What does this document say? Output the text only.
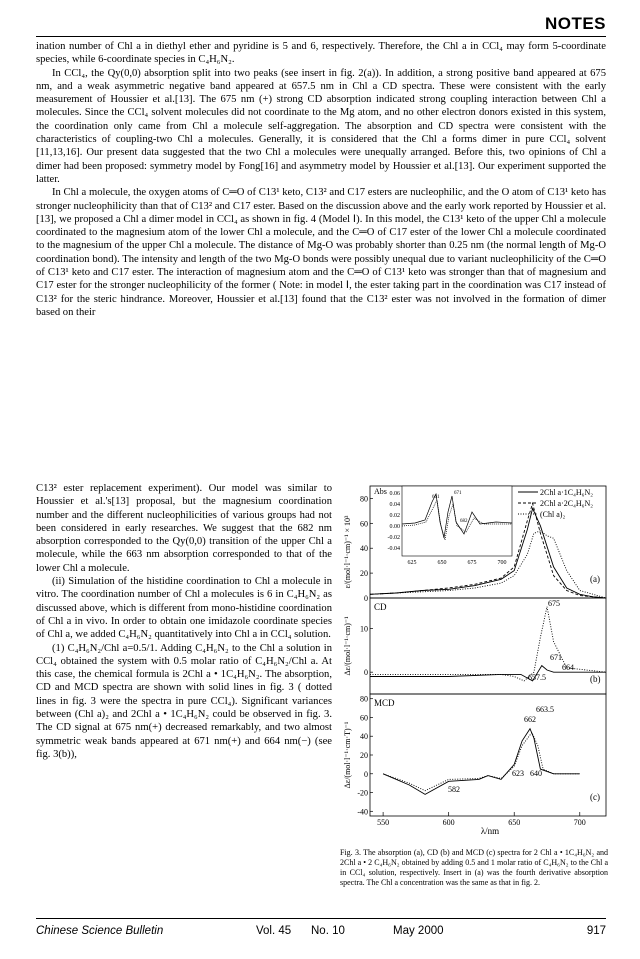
NOTES

ination number of Chl a in diethyl ether and pyridine is 5 and 6, respectively. Therefore, the Chl a in CCl₄ may form 5-coordinate species, while 6-coordinate species in C₄H₆N₂.

In CCl₄, the Qy(0,0) absorption split into two peaks (see insert in fig. 2(a)). In addition, a strong positive band appeared at 675 nm, and a weak asymmetric negative band appeared at 657.5 nm in Chl a CD spectra. These were consistent with the early measurement of Houssier et al.[13]. The 675 nm (+) strong CD absorption indicated strong coupling interaction between Chl a molecules. Since the CCl₄ solvent molecules did not coordinate to the Mg atom, and no other electron donors existed in this system, the coordination only came from Chl a molecule self-aggregation. The absorption and CD spectra were consistent with the characteristics of coupling-two Chl a molecules. Generally, it is considered that the Chl a forms dimer in pure CCl₄ solvent [11,13,16]. Our present data suggested that the two Chl a molecules were unequally arranged. Before this, two opinions of Chl a dimer had been proposed: symmetry model by Fong[16] and asymmetry model by Houssier et al.[13]. Our experiment supported the latter.

In Chl a molecule, the oxygen atoms of C═O of C13¹ keto, C13² and C17 esters are nucleophilic, and the O atom of C13¹ keto has stronger nucleophilicity than that of C13² and C17 ester. Based on the discussion above and the early work reported by Houssier et al.[13], we proposed a Chl a dimer model in CCl₄ as shown in fig. 4 (Model Ⅰ). In this model, the C13¹ keto of the upper Chl a molecule coordinated to the magnesium atom of the lower Chl a molecule, and the C═O of C17 ester of the lower Chl a molecule coordinated to the magnesium of the upper Chl a molecule. The distance of Mg-O was probably shorter than 0.25 nm (the normal length of Mg-O coordination bond). The intensity and length of the two Mg-O bonds were possibly unequal due to variant nucleophilicity of the C═O of C13¹ keto and C17 ester. The interaction of magnesium atom and the C═O of C13¹ keto was stronger than that of magnesium and C17 ester for the stronger nucleophilicity of the former ( Note: in model Ⅰ, the ester taking part in the coordination was C17 instead of C13² for the steric hindrance. Moreover, Houssier et al.[13] found that the C13² ester was not involved in the formation of dimer based on their

C13² ester replacement experiment). Our model was similar to Houssier et al.'s[13] proposal, but the magnesium coordination number and the different nucleophilicities of various groups had not been considered in early researches. We suggest that the 682 nm absorption corresponded to the Qy(0,0) transition of the upper Chl a molecule, while the 663 nm absorption corresponded to that of the lower Chl a molecule.

(ii) Simulation of the histidine coordination to Chl a molecule in vitro. The coordination number of Chl a molecules is 6 in C₄H₆N₂ as discussed above, which is different from mono-histidine coordination of Chl a in vivo. In order to obtain one imidazole coordinate species of Chl a, we added C₄H₆N₂ quantitatively into Chl a in CCl₄ solution.

(1) C₄H₆N₂/Chl a=0.5/1. Adding C₄H₆N₂ to the Chl a solution in CCl₄ obtained the system with 0.5 molar ratio of C₄H₆N₂/Chl a. At this case, the chemical formula is 2Chl a • 1C₄H₆N₂. The absorption, CD and MCD spectra are shown with solid lines in fig. 3 ( dotted lines in fig. 3 were the spectra in pure CCl₄). Significant variances between (Chl a)₂ and 2Chl a • 1C₄H₆N₂ could be observed in fig. 3. The CD signal at 675 nm(+) decreased remarkably, and two almost symmetric weak bands appeared at 671 nm(+) and 664 nm(−) (see fig. 3(b)),

ε/(mol·l⁻¹·cm)⁻¹ × 10³
Δε/(mol·l⁻¹·cm)⁻¹
Δε/(mol·l⁻¹·cm·T)⁻¹
Abs
CD
MCD
(a)
(b)
(c)
λ/nm
2Chl a·1C₄H₆N₂
2Chl a·2C₄H₆N₂
(Chl a)₂
80
60
40
20
0
10
0
80
60
40
20
0
-20
-40
550	600	650	700
0.06
0.04
0.02
0.00
-0.02
-0.04
625	650	675	700
661
671
682
675
671
664
657.5
663.5
662
623 640
582
Fig. 3. The absorption (a), CD (b) and MCD (c) spectra for 2 Chl a • 1C₄H₆N₂ and 2Chl a • 2 C₄H₆N₂ obtained by adding 0.5 and 1 molar ratio of C₄H₆N₂ to the Chl a in CCl₄ solution, respectively. Insert in (a) was the fourth derivative absorption spectra. The Chl a concentration was the same as that in fig. 2.
Chinese Science Bulletin	Vol. 45 No. 10	May 2000	917
